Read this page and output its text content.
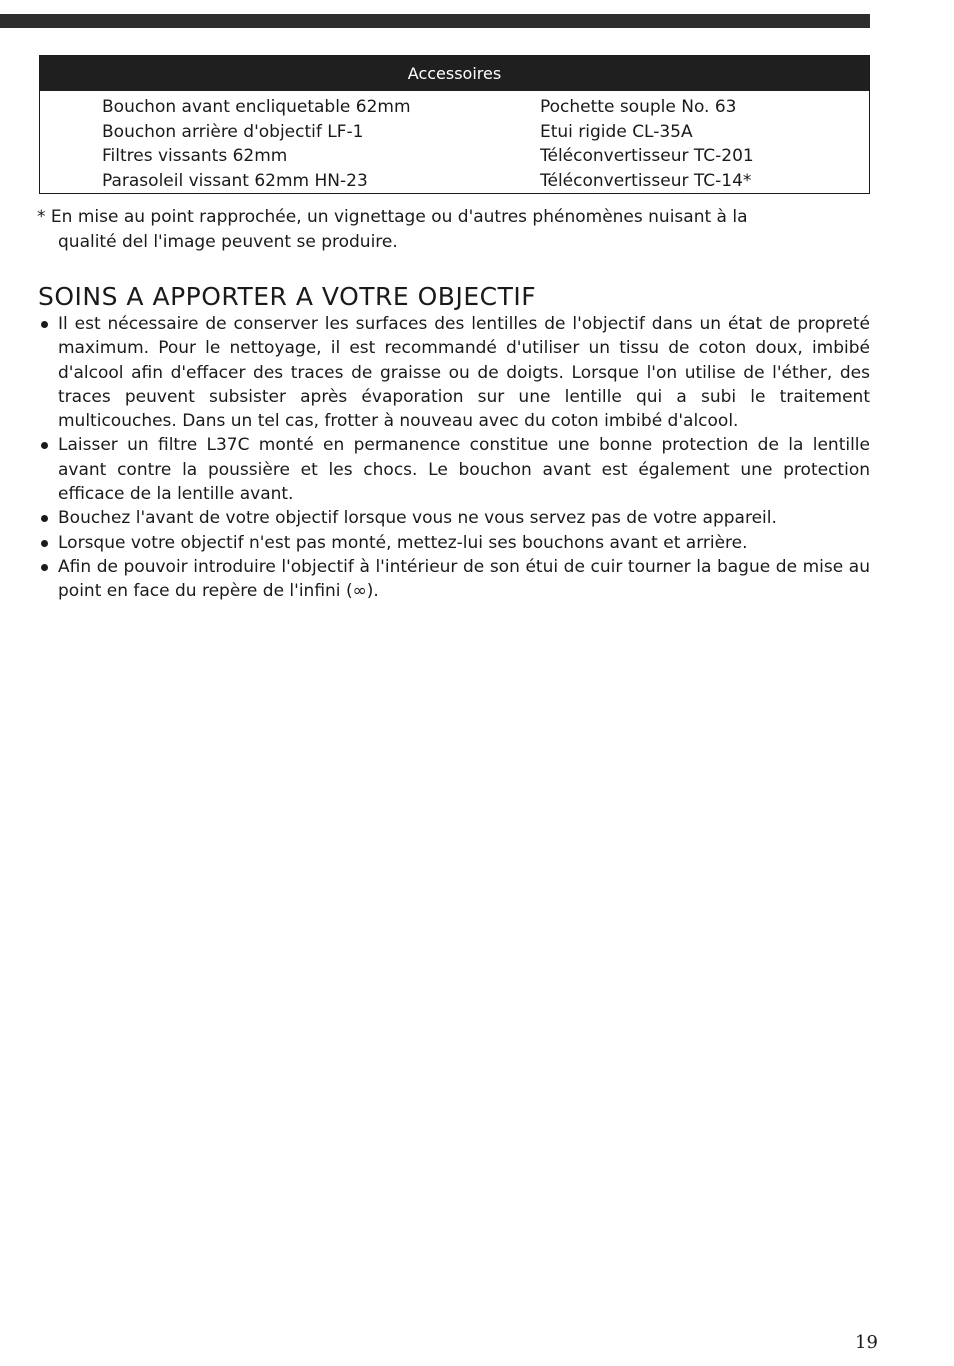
Accessoires
Bouchon avant encliquetable 62mm
Bouchon arrière d'objectif LF-1
Filtres vissants 62mm
Parasoleil vissant 62mm HN-23
Pochette souple No. 63
Etui rigide CL-35A
Téléconvertisseur TC-201
Téléconvertisseur TC-14*
* En mise au point rapprochée, un vignettage ou d'autres phénomènes nuisant à la
qualité del l'image peuvent se produire.
SOINS A APPORTER A VOTRE OBJECTIF
Il est nécessaire de conserver les surfaces des lentilles de l'objectif dans un état de propreté maximum. Pour le nettoyage, il est recommandé d'utiliser un tissu de coton doux, imbibé d'alcool afin d'effacer des traces de graisse ou de doigts. Lorsque l'on utilise de l'éther, des traces peuvent subsister après évaporation sur une lentille qui a subi le traitement multicouches. Dans un tel cas, frotter à nouveau avec du coton imbibé d'alcool.
Laisser un filtre L37C monté en permanence constitue une bonne protection de la lentille avant contre la poussière et les chocs. Le bouchon avant est également une protection efficace de la lentille avant.
Bouchez l'avant de votre objectif lorsque vous ne vous servez pas de votre appareil.
Lorsque votre objectif n'est pas monté, mettez-lui ses bouchons avant et arrière.
Afin de pouvoir introduire l'objectif à l'intérieur de son étui de cuir tourner la bague de mise au point en face du repère de l'infini (∞).
19
